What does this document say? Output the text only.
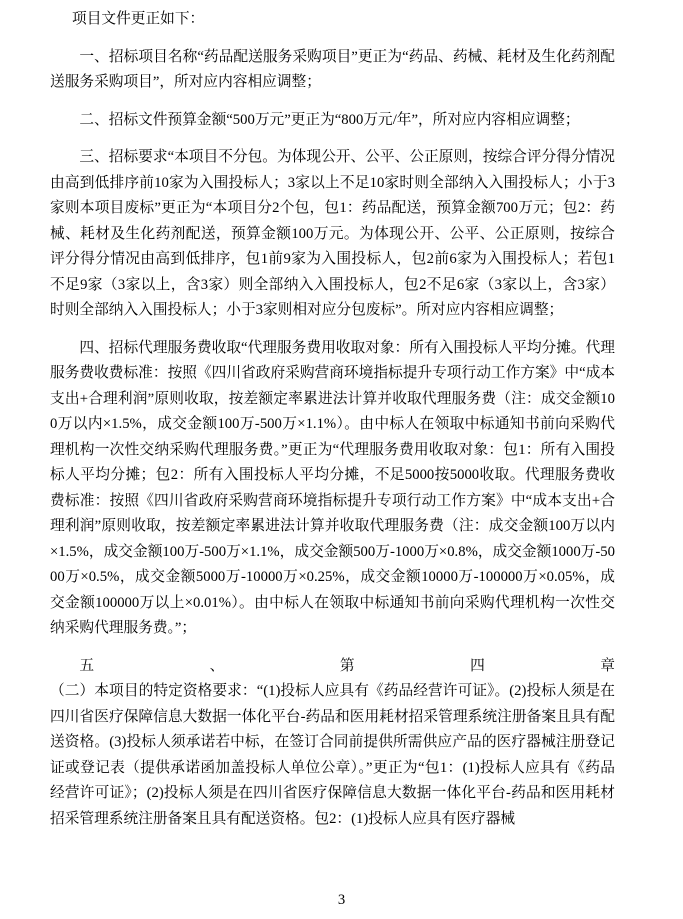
项目文件更正如下：

一、招标项目名称“药品配送服务采购项目”更正为“药品、药械、耗材及生化药剂配送服务采购项目”，所对应内容相应调整；

二、招标文件预算金额“500万元”更正为“800万元/年”，所对应内容相应调整；

三、招标要求“本项目不分包。为体现公开、公平、公正原则，按综合评分得分情况由高到低排序前10家为入围投标人；3家以上不足10家时则全部纳入入围投标人；小于3家则本项目废标”更正为“本项目分2个包，包1：药品配送，预算金额700万元；包2：药械、耗材及生化药剂配送，预算金额100万元。为体现公开、公平、公正原则，按综合评分得分情况由高到低排序，包1前9家为入围投标人，包2前6家为入围投标人；若包1不足9家（3家以上，含3家）则全部纳入入围投标人，包2不足6家（3家以上，含3家）时则全部纳入入围投标人；小于3家则相对应分包废标”。所对应内容相应调整；

四、招标代理服务费收取“代理服务费用收取对象：所有入围投标人平均分摊。代理服务费收费标准：按照《四川省政府采购营商环境指标提升专项行动工作方案》中“成本支出+合理利润”原则收取，按差额定率累进法计算并收取代理服务费（注：成交金额100万以内×1.5%，成交金额100万-500万×1.1%）。由中标人在领取中标通知书前向采购代理机构一次性交纳采购代理服务费。”更正为“代理服务费用收取对象：包1：所有入围投标人平均分摊；包2：所有入围投标人平均分摊，不足5000按5000收取。代理服务费收费标准：按照《四川省政府采购营商环境指标提升专项行动工作方案》中“成本支出+合理利润”原则收取，按差额定率累进法计算并收取代理服务费（注：成交金额100万以内×1.5%，成交金额100万-500万×1.1%，成交金额500万-1000万×0.8%，成交金额1000万-5000万×0.5%，成交金额5000万-10000万×0.25%，成交金额10000万-100000万×0.05%，成交金额100000万以上×0.01%）。由中标人在领取中标通知书前向采购代理机构一次性交纳采购代理服务费。”；

五、第四章

（二）本项目的特定资格要求：“(1)投标人应具有《药品经营许可证》。(2)投标人须是在四川省医疗保障信息大数据一体化平台-药品和医用耗材招采管理系统注册备案且具有配送资格。(3)投标人须承诺若中标，在签订合同前提供所需供应产品的医疗器械注册登记证或登记表（提供承诺函加盖投标人单位公章）。”更正为“包1：(1)投标人应具有《药品经营许可证》；(2)投标人须是在四川省医疗保障信息大数据一体化平台-药品和医用耗材招采管理系统注册备案且具有配送资格。包2：(1)投标人应具有医疗器械

3
